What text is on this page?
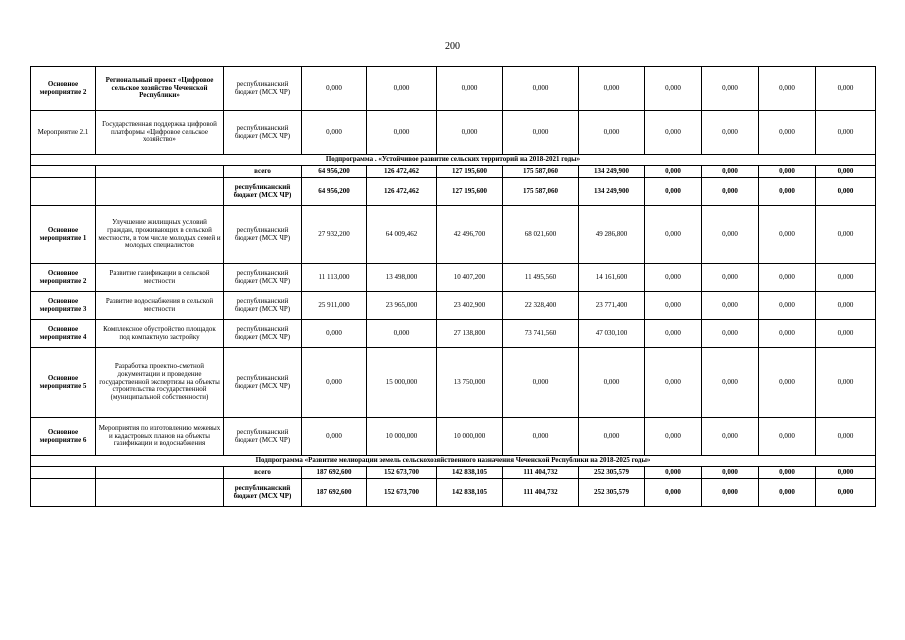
200
Основное мероприятие 2	Региональный проект «Цифровое сельское хозяйство Чеченской Республики»	республиканский бюджет (МСХ ЧР)	0,000	0,000	0,000	0,000	0,000	0,000	0,000	0,000	0,000
Мероприятие 2.1	Государственная поддержка цифровой платформы «Цифровое сельское хозяйство»	республиканский бюджет (МСХ ЧР)	0,000	0,000	0,000	0,000	0,000	0,000	0,000	0,000	0,000
Подпрограмма . «Устойчивое развитие сельских территорий на 2018-2021 годы»											
		всего	64 956,200	126 472,462	127 195,600	175 587,060	134 249,900	0,000	0,000	0,000	0,000
		республиканский бюджет (МСХ ЧР)	64 956,200	126 472,462	127 195,600	175 587,060	134 249,900	0,000	0,000	0,000	0,000
Основное мероприятие 1	Улучшение жилищных условий граждан, проживающих в сельской местности, в том числе молодых семей и молодых специалистов	республиканский бюджет (МСХ ЧР)	27 932,200	64 009,462	42 496,700	68 021,600	49 286,800	0,000	0,000	0,000	0,000
Основное мероприятие 2	Развитие газификации в сельской местности	республиканский бюджет (МСХ ЧР)	11 113,000	13 498,000	10 407,200	11 495,560	14 161,600	0,000	0,000	0,000	0,000
Основное мероприятие 3	Развитие водоснабжения в сельской местности	республиканский бюджет (МСХ ЧР)	25 911,000	23 965,000	23 402,900	22 328,400	23 771,400	0,000	0,000	0,000	0,000
Основное мероприятие 4	Комплексное обустройство площадок под компактную застройку	республиканский бюджет (МСХ ЧР)	0,000	0,000	27 138,800	73 741,560	47 030,100	0,000	0,000	0,000	0,000
Основное мероприятие 5	Разработка проектно-сметной документации и проведение государственной экспертизы на объекты строительства государственной (муниципальной собственности)	республиканский бюджет (МСХ ЧР)	0,000	15 000,000	13 750,000	0,000	0,000	0,000	0,000	0,000	0,000
Основное мероприятие 6	Мероприятия по изготовлению межевых и кадастровых планов на объекты газификации и водоснабжения	республиканский бюджет (МСХ ЧР)	0,000	10 000,000	10 000,000	0,000	0,000	0,000	0,000	0,000	0,000
Подпрограмма «Развитие мелиорации земель сельскохозяйственного назначения Чеченской Республики на 2018-2025 годы»											
		всего	187 692,600	152 673,700	142 838,105	111 404,732	252 305,579	0,000	0,000	0,000	0,000
		республиканский бюджет (МСХ ЧР)	187 692,600	152 673,700	142 838,105	111 404,732	252 305,579	0,000	0,000	0,000	0,000
